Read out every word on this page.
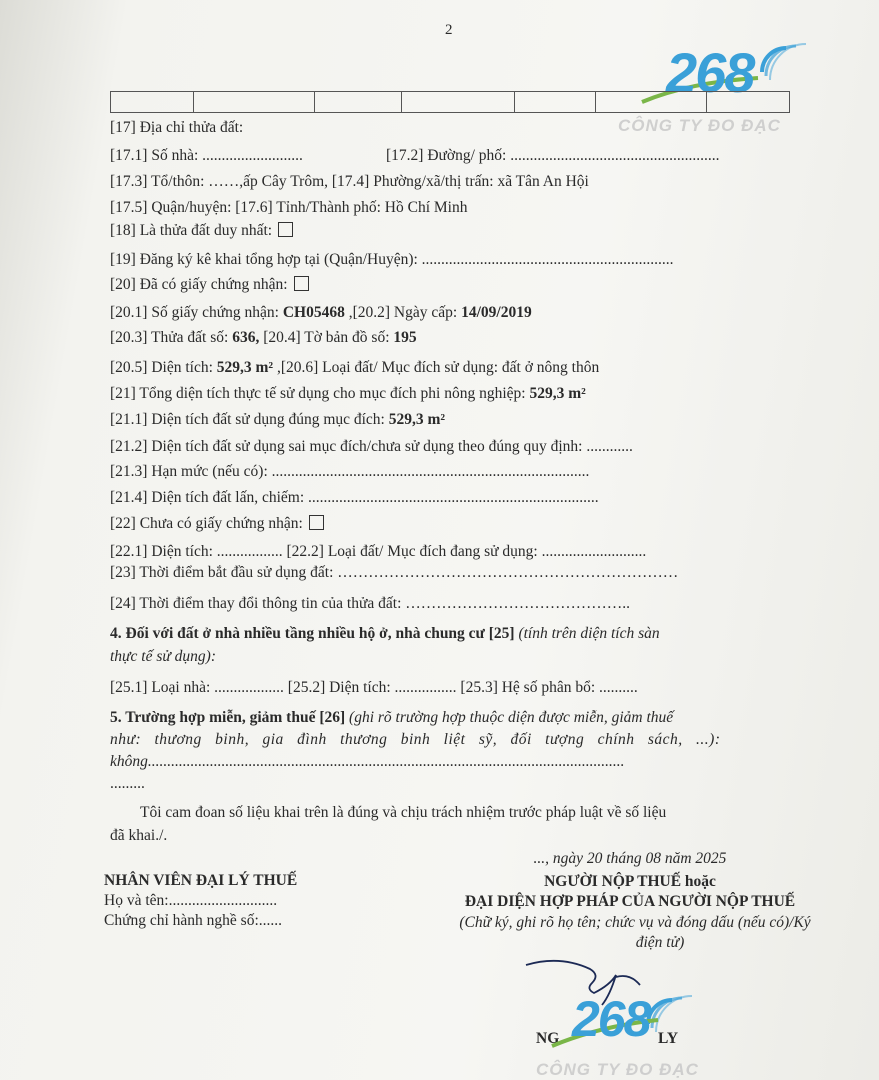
2
268
CÔNG TY ĐO ĐẠC
[17] Địa chỉ thửa đất:
[17.1] Số nhà: ..........................	[17.2] Đường/ phố: ......................................................
[17.3] Tổ/thôn: ……,ấp Cây Trôm, [17.4] Phường/xã/thị trấn: xã Tân An Hội
[17.5] Quận/huyện: [17.6] Tỉnh/Thành phố: Hồ Chí Minh
[18] Là thửa đất duy nhất:
[19] Đăng ký kê khai tổng hợp tại (Quận/Huyện): .................................................................
[20] Đã có giấy chứng nhận:
[20.1] Số giấy chứng nhận: CH05468 ,[20.2] Ngày cấp: 14/09/2019
[20.3] Thửa đất số: 636, [20.4] Tờ bản đồ số: 195
[20.5] Diện tích: 529,3 m² ,[20.6] Loại đất/ Mục đích sử dụng: đất ở nông thôn
[21] Tổng diện tích thực tế sử dụng cho mục đích phi nông nghiệp: 529,3 m²
[21.1] Diện tích đất sử dụng đúng mục đích: 529,3 m²
[21.2] Diện tích đất sử dụng sai mục đích/chưa sử dụng theo đúng quy định: ............
[21.3] Hạn mức (nếu có): ..................................................................................
[21.4] Diện tích đất lấn, chiếm: ...........................................................................
[22] Chưa có giấy chứng nhận:
[22.1] Diện tích: ................. [22.2] Loại đất/ Mục đích đang sử dụng: ...........................
[23] Thời điểm bắt đầu sử dụng đất: …………………………………………………………
[24] Thời điểm thay đổi thông tin của thửa đất: ……………………………………..
4. Đối với đất ở nhà nhiều tầng nhiều hộ ở, nhà chung cư [25] (tính trên diện tích sàn
thực tế sử dụng):
[25.1] Loại nhà: .................. [25.2] Diện tích: ................ [25.3] Hệ số phân bổ: ..........
5. Trường hợp miễn, giảm thuế [26] (ghi rõ trường hợp thuộc diện được miễn, giảm thuế
như: thương binh, gia đình thương binh liệt sỹ, đối tượng chính sách, ...):
không...........................................................................................................................
.........
Tôi cam đoan số liệu khai trên là đúng và chịu trách nhiệm trước pháp luật về số liệu
đã khai./.
NHÂN VIÊN ĐẠI LÝ THUẾ
Họ và tên:............................
Chứng chỉ hành nghề số:......
..., ngày 20 tháng 08 năm 2025
NGƯỜI NỘP THUẾ hoặc
ĐẠI DIỆN HỢP PHÁP CỦA NGƯỜI NỘP THUẾ
(Chữ ký, ghi rõ họ tên; chức vụ và đóng dấu (nếu có)/Ký
điện tử)
NG	LY
268
CÔNG TY ĐO ĐẠC
